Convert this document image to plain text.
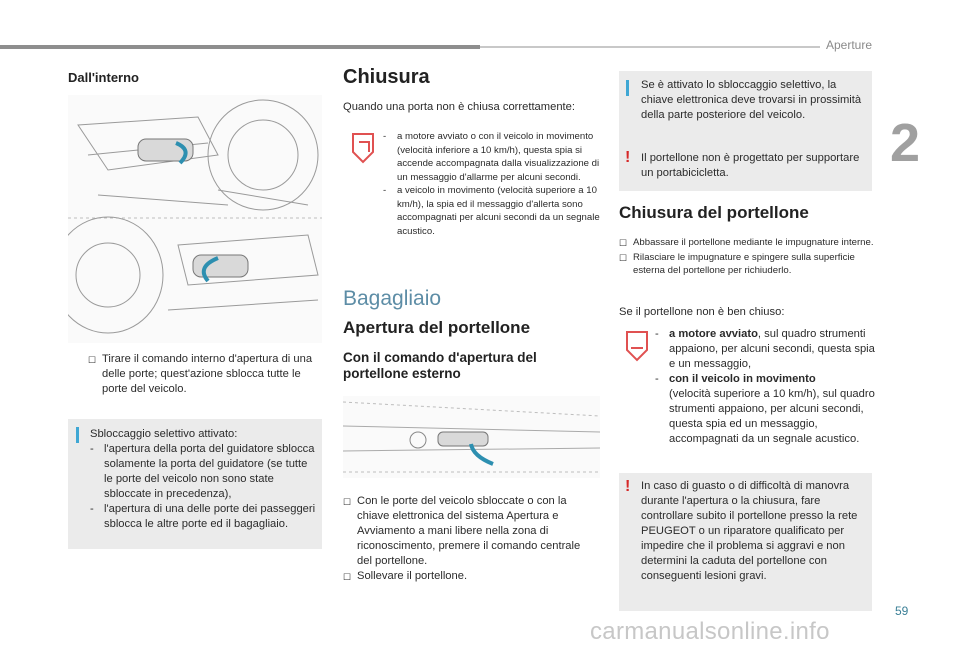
Aperture
2
59
carmanualsonline.info
Dall'interno
☐ Tirare il comando interno d'apertura di una delle porte; quest'azione sblocca tutte le porte del veicolo.
Sbloccaggio selettivo attivato:
- l'apertura della porta del guidatore sblocca solamente la porta del guidatore (se tutte le porte del veicolo non sono state sbloccate in precedenza),
- l'apertura di una delle porte dei passeggeri sblocca le altre porte ed il bagagliaio.
Chiusura
Quando una porta non è chiusa correttamente:
-	a motore avviato o con il veicolo in movimento (velocità inferiore a 10 km/h), questa spia si accende accompagnata dalla visualizzazione di un messaggio d'allarme per alcuni secondi.
-	a veicolo in movimento (velocità superiore a 10 km/h), la spia ed il messaggio d'allerta sono accompagnati per alcuni secondi da un segnale acustico.
Bagagliaio
Apertura del portellone
Con il comando d'apertura del portellone esterno
☐ Con le porte del veicolo sbloccate o con la chiave elettronica del sistema Apertura e Avviamento a mani libere nella zona di riconoscimento, premere il comando centrale del portellone.
☐ Sollevare il portellone.
Se è attivato lo sbloccaggio selettivo, la chiave elettronica deve trovarsi in prossimità della parte posteriore del veicolo.
! Il portellone non è progettato per supportare un portabicicletta.
Chiusura del portellone
☐ Abbassare il portellone mediante le impugnature interne.
☐ Rilasciare le impugnature e spingere sulla superficie esterna del portellone per richiuderlo.
Se il portellone non è ben chiuso:
- a motore avviato, sul quadro strumenti appaiono, per alcuni secondi, questa spia e un messaggio,
- con il veicolo in movimento
(velocità superiore a 10 km/h), sul quadro strumenti appaiono, per alcuni secondi, questa spia ed un messaggio, accompagnati da un segnale acustico.
! In caso di guasto o di difficoltà di manovra durante l'apertura o la chiusura, fare controllare subito il portellone presso la rete PEUGEOT o un riparatore qualificato per impedire che il problema si aggravi e non determini la caduta del portellone con conseguenti lesioni gravi.
